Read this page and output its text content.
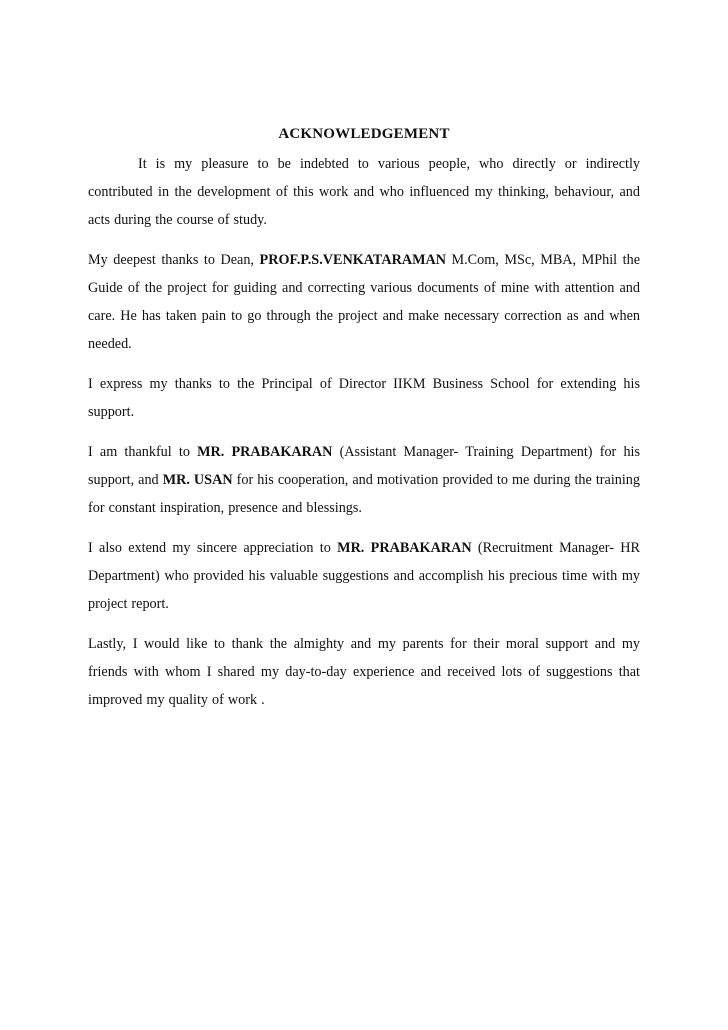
ACKNOWLEDGEMENT

It is my pleasure to be indebted to various people, who directly or indirectly contributed in the development of this work and who influenced my thinking, behaviour, and acts during the course of study.

My deepest thanks to Dean, PROF.P.S.VENKATARAMAN M.Com, MSc, MBA, MPhil the Guide of the project for guiding and correcting various documents of mine with attention and care. He has taken pain to go through the project and make necessary correction as and when needed.

I express my thanks to the Principal of Director IIKM Business School for extending his support.

I am thankful to MR. PRABAKARAN (Assistant Manager- Training Department) for his support, and MR. USAN for his cooperation, and motivation provided to me during the training for constant inspiration, presence and blessings.

I also extend my sincere appreciation to MR. PRABAKARAN (Recruitment Manager- HR Department) who provided his valuable suggestions and accomplish his precious time with my project report.

Lastly, I would like to thank the almighty and my parents for their moral support and my friends with whom I shared my day-to-day experience and received lots of suggestions that improved my quality of work .
